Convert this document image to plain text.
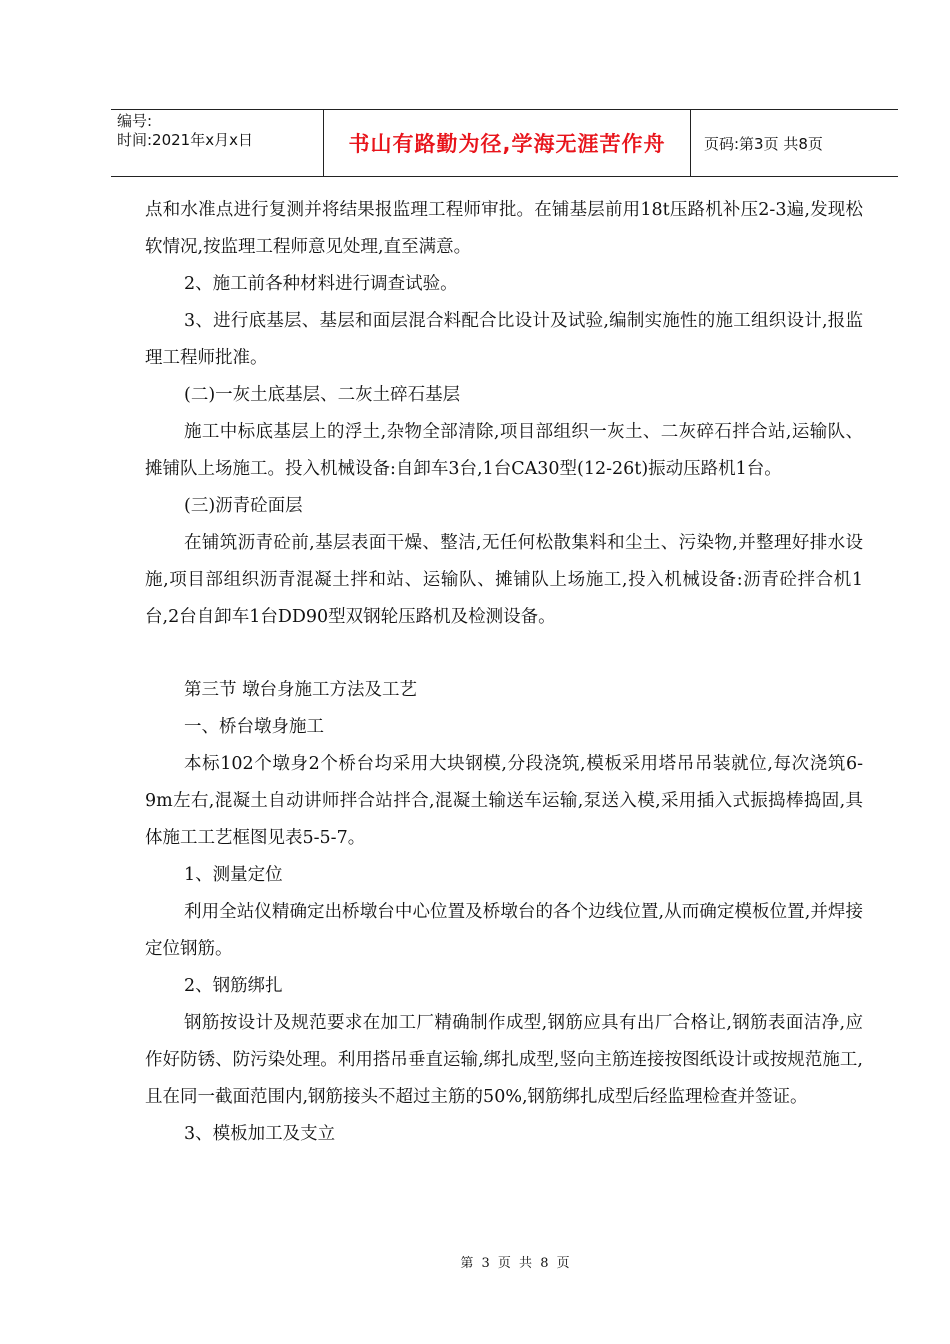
编号:
时间:2021年x月x日	书山有路勤为径,学海无涯苦作舟	页码:第3页 共8页

点和水准点进行复测并将结果报监理工程师审批。在铺基层前用18t压路机补压2-3遍,发现松软情况,按监理工程师意见处理,直至满意。

2、施工前各种材料进行调查试验。

3、进行底基层、基层和面层混合料配合比设计及试验,编制实施性的施工组织设计,报监理工程师批准。

(二)一灰土底基层、二灰土碎石基层

施工中标底基层上的浮土,杂物全部清除,项目部组织一灰土、二灰碎石拌合站,运输队、摊铺队上场施工。投入机械设备:自卸车3台,1台CA30型(12-26t)振动压路机1台。

(三)沥青砼面层

在铺筑沥青砼前,基层表面干燥、整洁,无任何松散集料和尘土、污染物,并整理好排水设施,项目部组织沥青混凝土拌和站、运输队、摊铺队上场施工,投入机械设备:沥青砼拌合机1台,2台自卸车1台DD90型双钢轮压路机及检测设备。

第三节 墩台身施工方法及工艺

一、桥台墩身施工

本标102个墩身2个桥台均采用大块钢模,分段浇筑,模板采用塔吊吊装就位,每次浇筑6-9m左右,混凝土自动讲师拌合站拌合,混凝土输送车运输,泵送入模,采用插入式振捣棒捣固,具体施工工艺框图见表5-5-7。

1、测量定位

利用全站仪精确定出桥墩台中心位置及桥墩台的各个边线位置,从而确定模板位置,并焊接定位钢筋。

2、钢筋绑扎

钢筋按设计及规范要求在加工厂精确制作成型,钢筋应具有出厂合格让,钢筋表面洁净,应作好防锈、防污染处理。利用搭吊垂直运输,绑扎成型,竖向主筋连接按图纸设计或按规范施工,且在同一截面范围内,钢筋接头不超过主筋的50%,钢筋绑扎成型后经监理检查并签证。

3、模板加工及支立

第 3 页 共 8 页
